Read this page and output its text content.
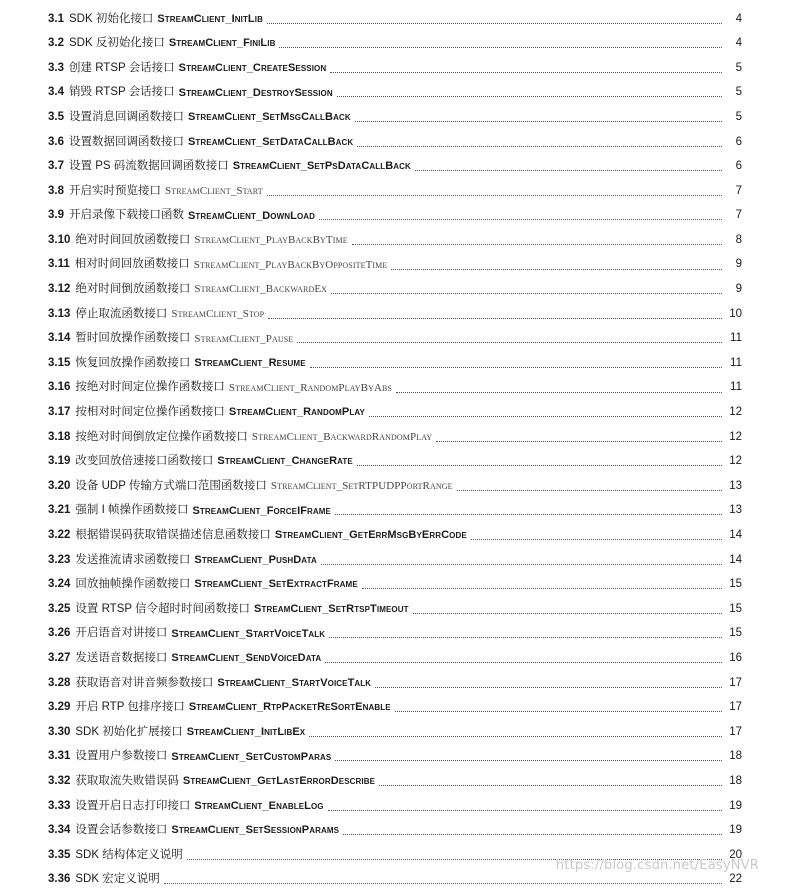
3.1 SDK 初始化接口 StreamClient_InitLib	4
3.2 SDK 反初始化接口 StreamClient_FiniLib	4
3.3 创建 RTSP 会话接口 StreamClient_CreateSession	5
3.4 销毁 RTSP 会话接口 StreamClient_DestroySession	5
3.5 设置消息回调函数接口 StreamClient_SetMsgCallBack	5
3.6 设置数据回调函数接口 StreamClient_SetDataCallBack	6
3.7 设置 PS 码流数据回调函数接口 StreamClient_SetPsDataCallBack	6
3.8 开启实时预览接口 StreamClient_Start	7
3.9 开启录像下载接口函数 StreamClient_DownLoad	7
3.10 绝对时间回放函数接口 StreamClient_PlayBackByTime	8
3.11 相对时间回放函数接口 StreamClient_PlayBackByOppositeTime	9
3.12 绝对时间倒放函数接口 StreamClient_BackwardEx	9
3.13 停止取流函数接口 StreamClient_Stop	10
3.14 暂时回放操作函数接口 StreamClient_Pause	11
3.15 恢复回放操作函数接口 StreamClient_Resume	11
3.16 按绝对时间定位操作函数接口 StreamClient_RandomPlayByAbs	11
3.17 按相对时间定位操作函数接口 StreamClient_RandomPlay	12
3.18 按绝对时间倒放定位操作函数接口 StreamClient_BackwardRandomPlay	12
3.19 改变回放倍速接口函数接口 StreamClient_ChangeRate	12
3.20 设备 UDP 传输方式端口范围函数接口 StreamClient_SetRTPUDPPortRange	13
3.21 强制 I 帧操作函数接口 StreamClient_ForceIFrame	13
3.22 根据错误码获取错误描述信息函数接口 StreamClient_GetErrMsgByErrCode	14
3.23 发送推流请求函数接口 StreamClient_PushData	14
3.24 回放抽帧操作函数接口 StreamClient_SetExtractFrame	15
3.25 设置 RTSP 信令超时时间函数接口 StreamClient_SetRtspTimeout	15
3.26 开启语音对讲接口 StreamClient_StartVoiceTalk	15
3.27 发送语音数据接口 StreamClient_SendVoiceData	16
3.28 获取语音对讲音频参数接口 StreamClient_StartVoiceTalk	17
3.29 开启 RTP 包排序接口 StreamClient_RtpPacketReSortEnable	17
3.30 SDK 初始化扩展接口 StreamClient_InitLibEx	17
3.31 设置用户参数接口 StreamClient_SetCustomParas	18
3.32 获取取流失败错误码 StreamClient_GetLastErrorDescribe	18
3.33 设置开启日志打印接口 StreamClient_EnableLog	19
3.34 设置会话参数接口 StreamClient_SetSessionParams	19
3.35 SDK 结构体定义说明	20
3.36 SDK 宏定义说明	22
https://blog.csdn.net/EasyNVR
